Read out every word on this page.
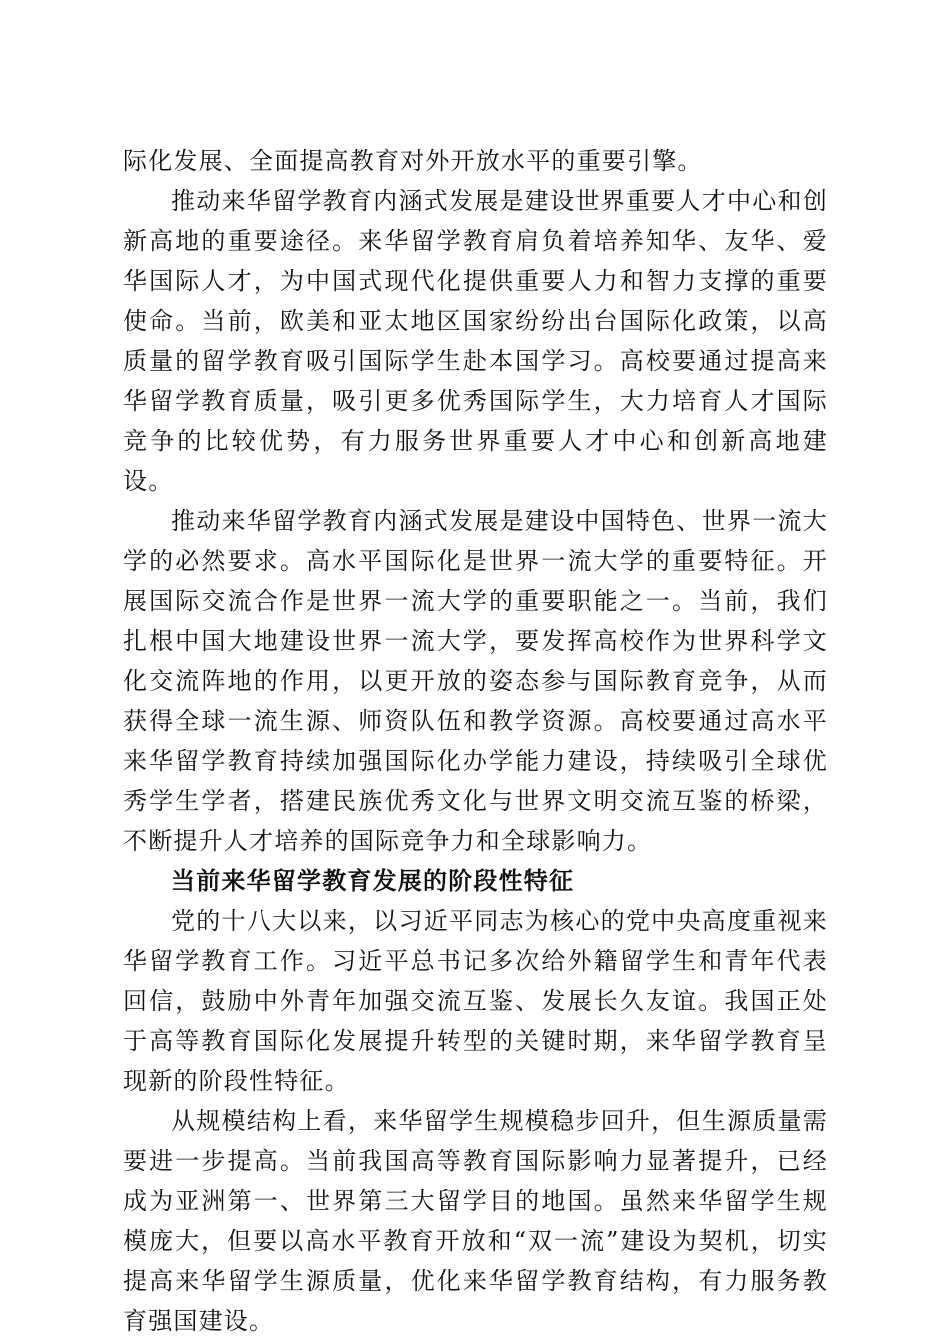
际化发展、全面提高教育对外开放水平的重要引擎。

推动来华留学教育内涵式发展是建设世界重要人才中心和创新高地的重要途径。来华留学教育肩负着培养知华、友华、爱华国际人才，为中国式现代化提供重要人力和智力支撑的重要使命。当前，欧美和亚太地区国家纷纷出台国际化政策，以高质量的留学教育吸引国际学生赴本国学习。高校要通过提高来华留学教育质量，吸引更多优秀国际学生，大力培育人才国际竞争的比较优势，有力服务世界重要人才中心和创新高地建设。

推动来华留学教育内涵式发展是建设中国特色、世界一流大学的必然要求。高水平国际化是世界一流大学的重要特征。开展国际交流合作是世界一流大学的重要职能之一。当前，我们扎根中国大地建设世界一流大学，要发挥高校作为世界科学文化交流阵地的作用，以更开放的姿态参与国际教育竞争，从而获得全球一流生源、师资队伍和教学资源。高校要通过高水平来华留学教育持续加强国际化办学能力建设，持续吸引全球优秀学生学者，搭建民族优秀文化与世界文明交流互鉴的桥梁，不断提升人才培养的国际竞争力和全球影响力。

当前来华留学教育发展的阶段性特征

党的十八大以来，以习近平同志为核心的党中央高度重视来华留学教育工作。习近平总书记多次给外籍留学生和青年代表回信，鼓励中外青年加强交流互鉴、发展长久友谊。我国正处于高等教育国际化发展提升转型的关键时期，来华留学教育呈现新的阶段性特征。

从规模结构上看，来华留学生规模稳步回升，但生源质量需要进一步提高。当前我国高等教育国际影响力显著提升，已经成为亚洲第一、世界第三大留学目的地国。虽然来华留学生规模庞大，但要以高水平教育开放和“双一流”建设为契机，切实提高来华留学生源质量，优化来华留学教育结构，有力服务教育强国建设。
